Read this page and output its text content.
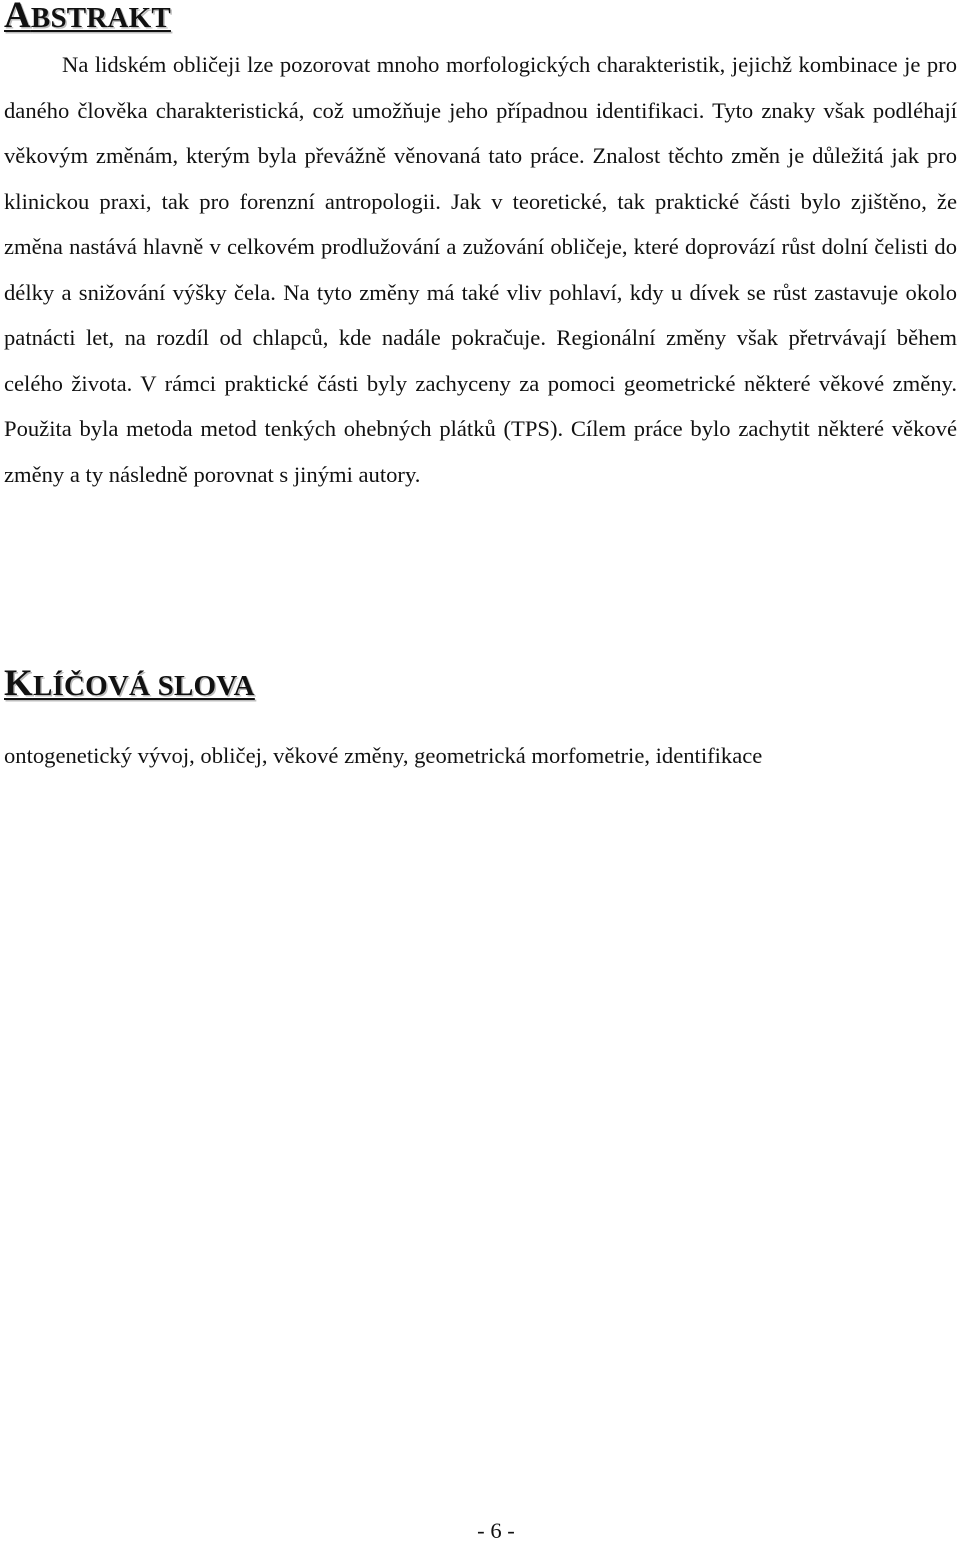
ABSTRAKT

Na lidském obličeji lze pozorovat mnoho morfologických charakteristik, jejichž kombinace je pro daného člověka charakteristická, což umožňuje jeho případnou identifikaci. Tyto znaky však podléhají věkovým změnám, kterým byla převážně věnovaná tato práce. Znalost těchto změn je důležitá jak pro klinickou praxi, tak pro forenzní antropologii. Jak v teoretické, tak praktické části bylo zjištěno, že změna nastává hlavně v celkovém prodlužování a zužování obličeje, které doprovází růst dolní čelisti do délky a snižování výšky čela. Na tyto změny má také vliv pohlaví, kdy u dívek se růst zastavuje okolo patnácti let, na rozdíl od chlapců, kde nadále pokračuje. Regionální změny však přetrvávají během celého života. V rámci praktické části byly zachyceny za pomoci geometrické některé věkové změny. Použita byla metoda metod tenkých ohebných plátků (TPS). Cílem práce bylo zachytit některé věkové změny a ty následně porovnat s jinými autory.

KLÍČOVÁ SLOVA

ontogenetický vývoj, obličej, věkové změny, geometrická morfometrie, identifikace

- 6 -
